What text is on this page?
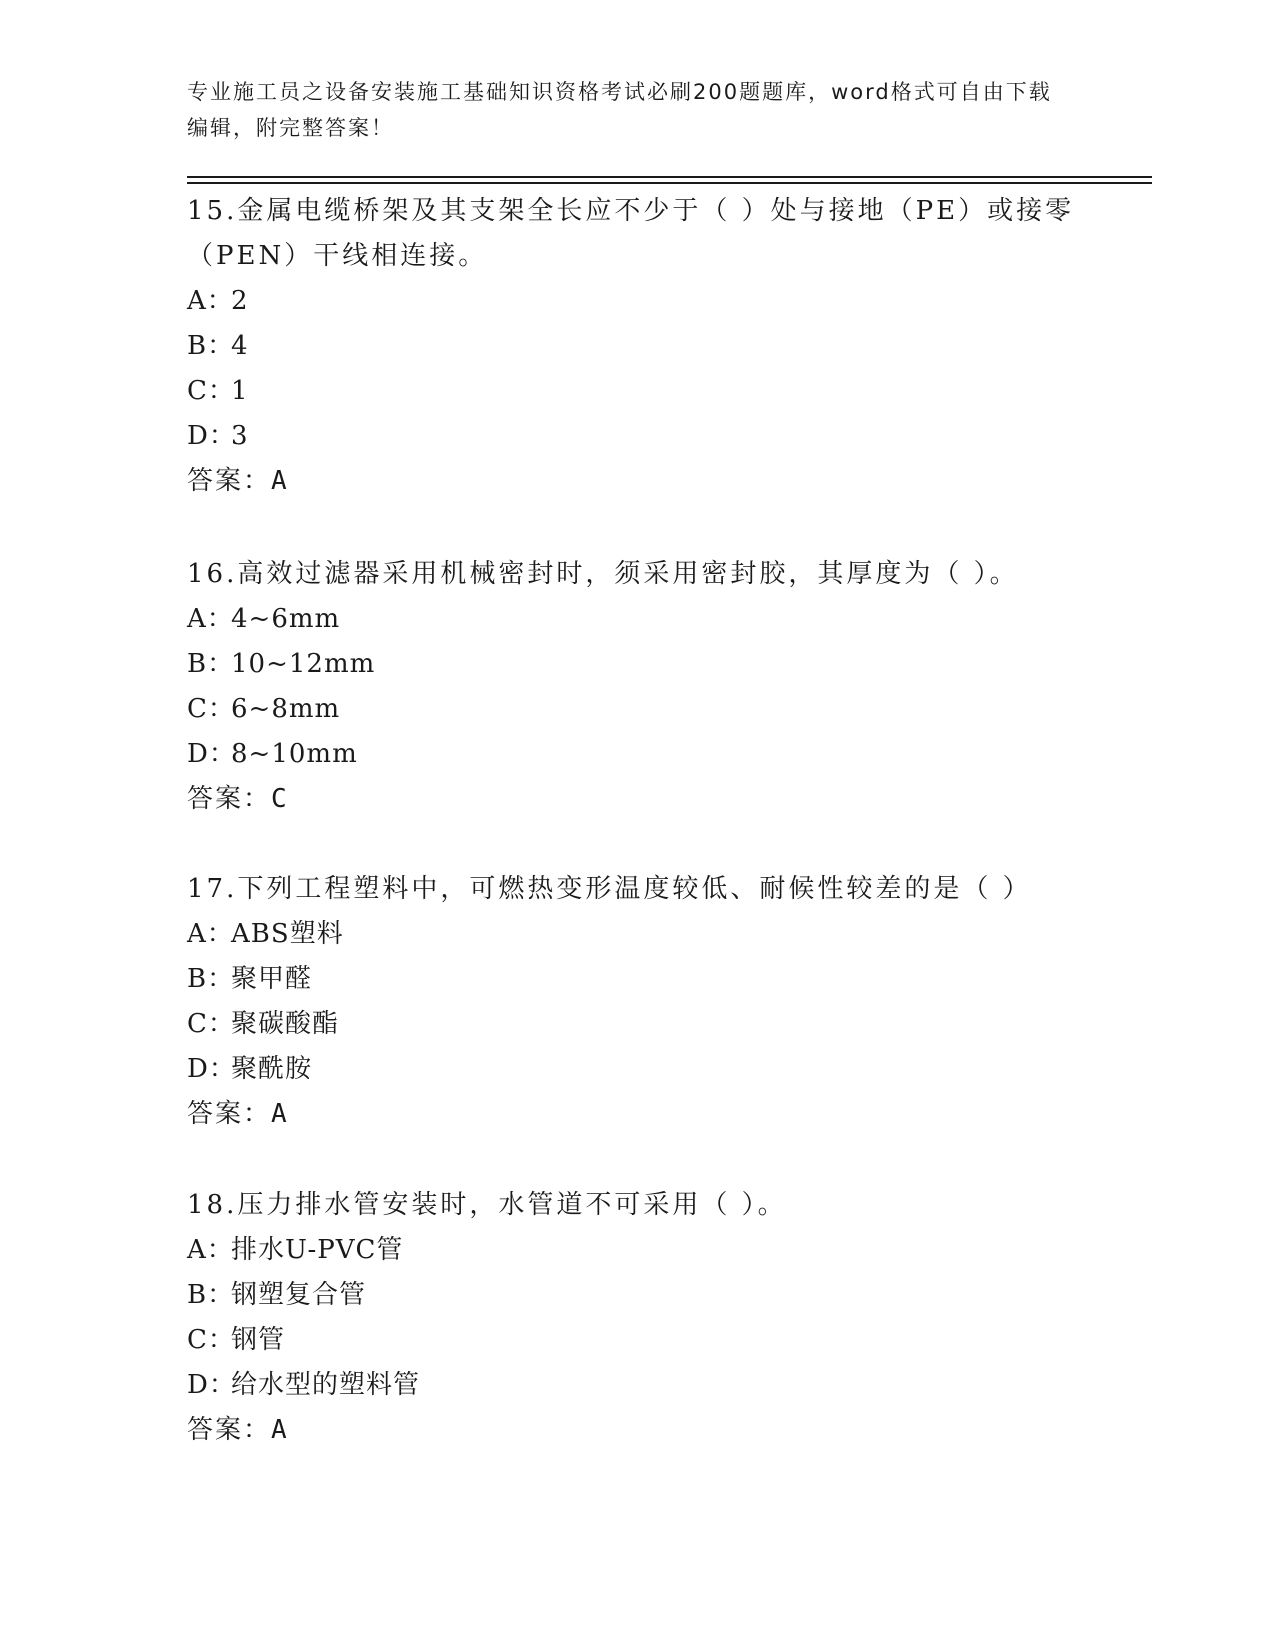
专业施工员之设备安装施工基础知识资格考试必刷200题题库，word格式可自由下载编辑，附完整答案！
15.金属电缆桥架及其支架全长应不少于（ ）处与接地（PE）或接零（PEN）干线相连接。
A：2
B：4
C：1
D：3
答案：A
16.高效过滤器采用机械密封时，须采用密封胶，其厚度为（ ）。
A：4~6mm
B：10~12mm
C：6~8mm
D：8~10mm
答案：C
17.下列工程塑料中，可燃热变形温度较低、耐候性较差的是（ ）
A：ABS塑料
B：聚甲醛
C：聚碳酸酯
D：聚酰胺
答案：A
18.压力排水管安装时，水管道不可采用（ ）。
A：排水U-PVC管
B：钢塑复合管
C：钢管
D：给水型的塑料管
答案：A
